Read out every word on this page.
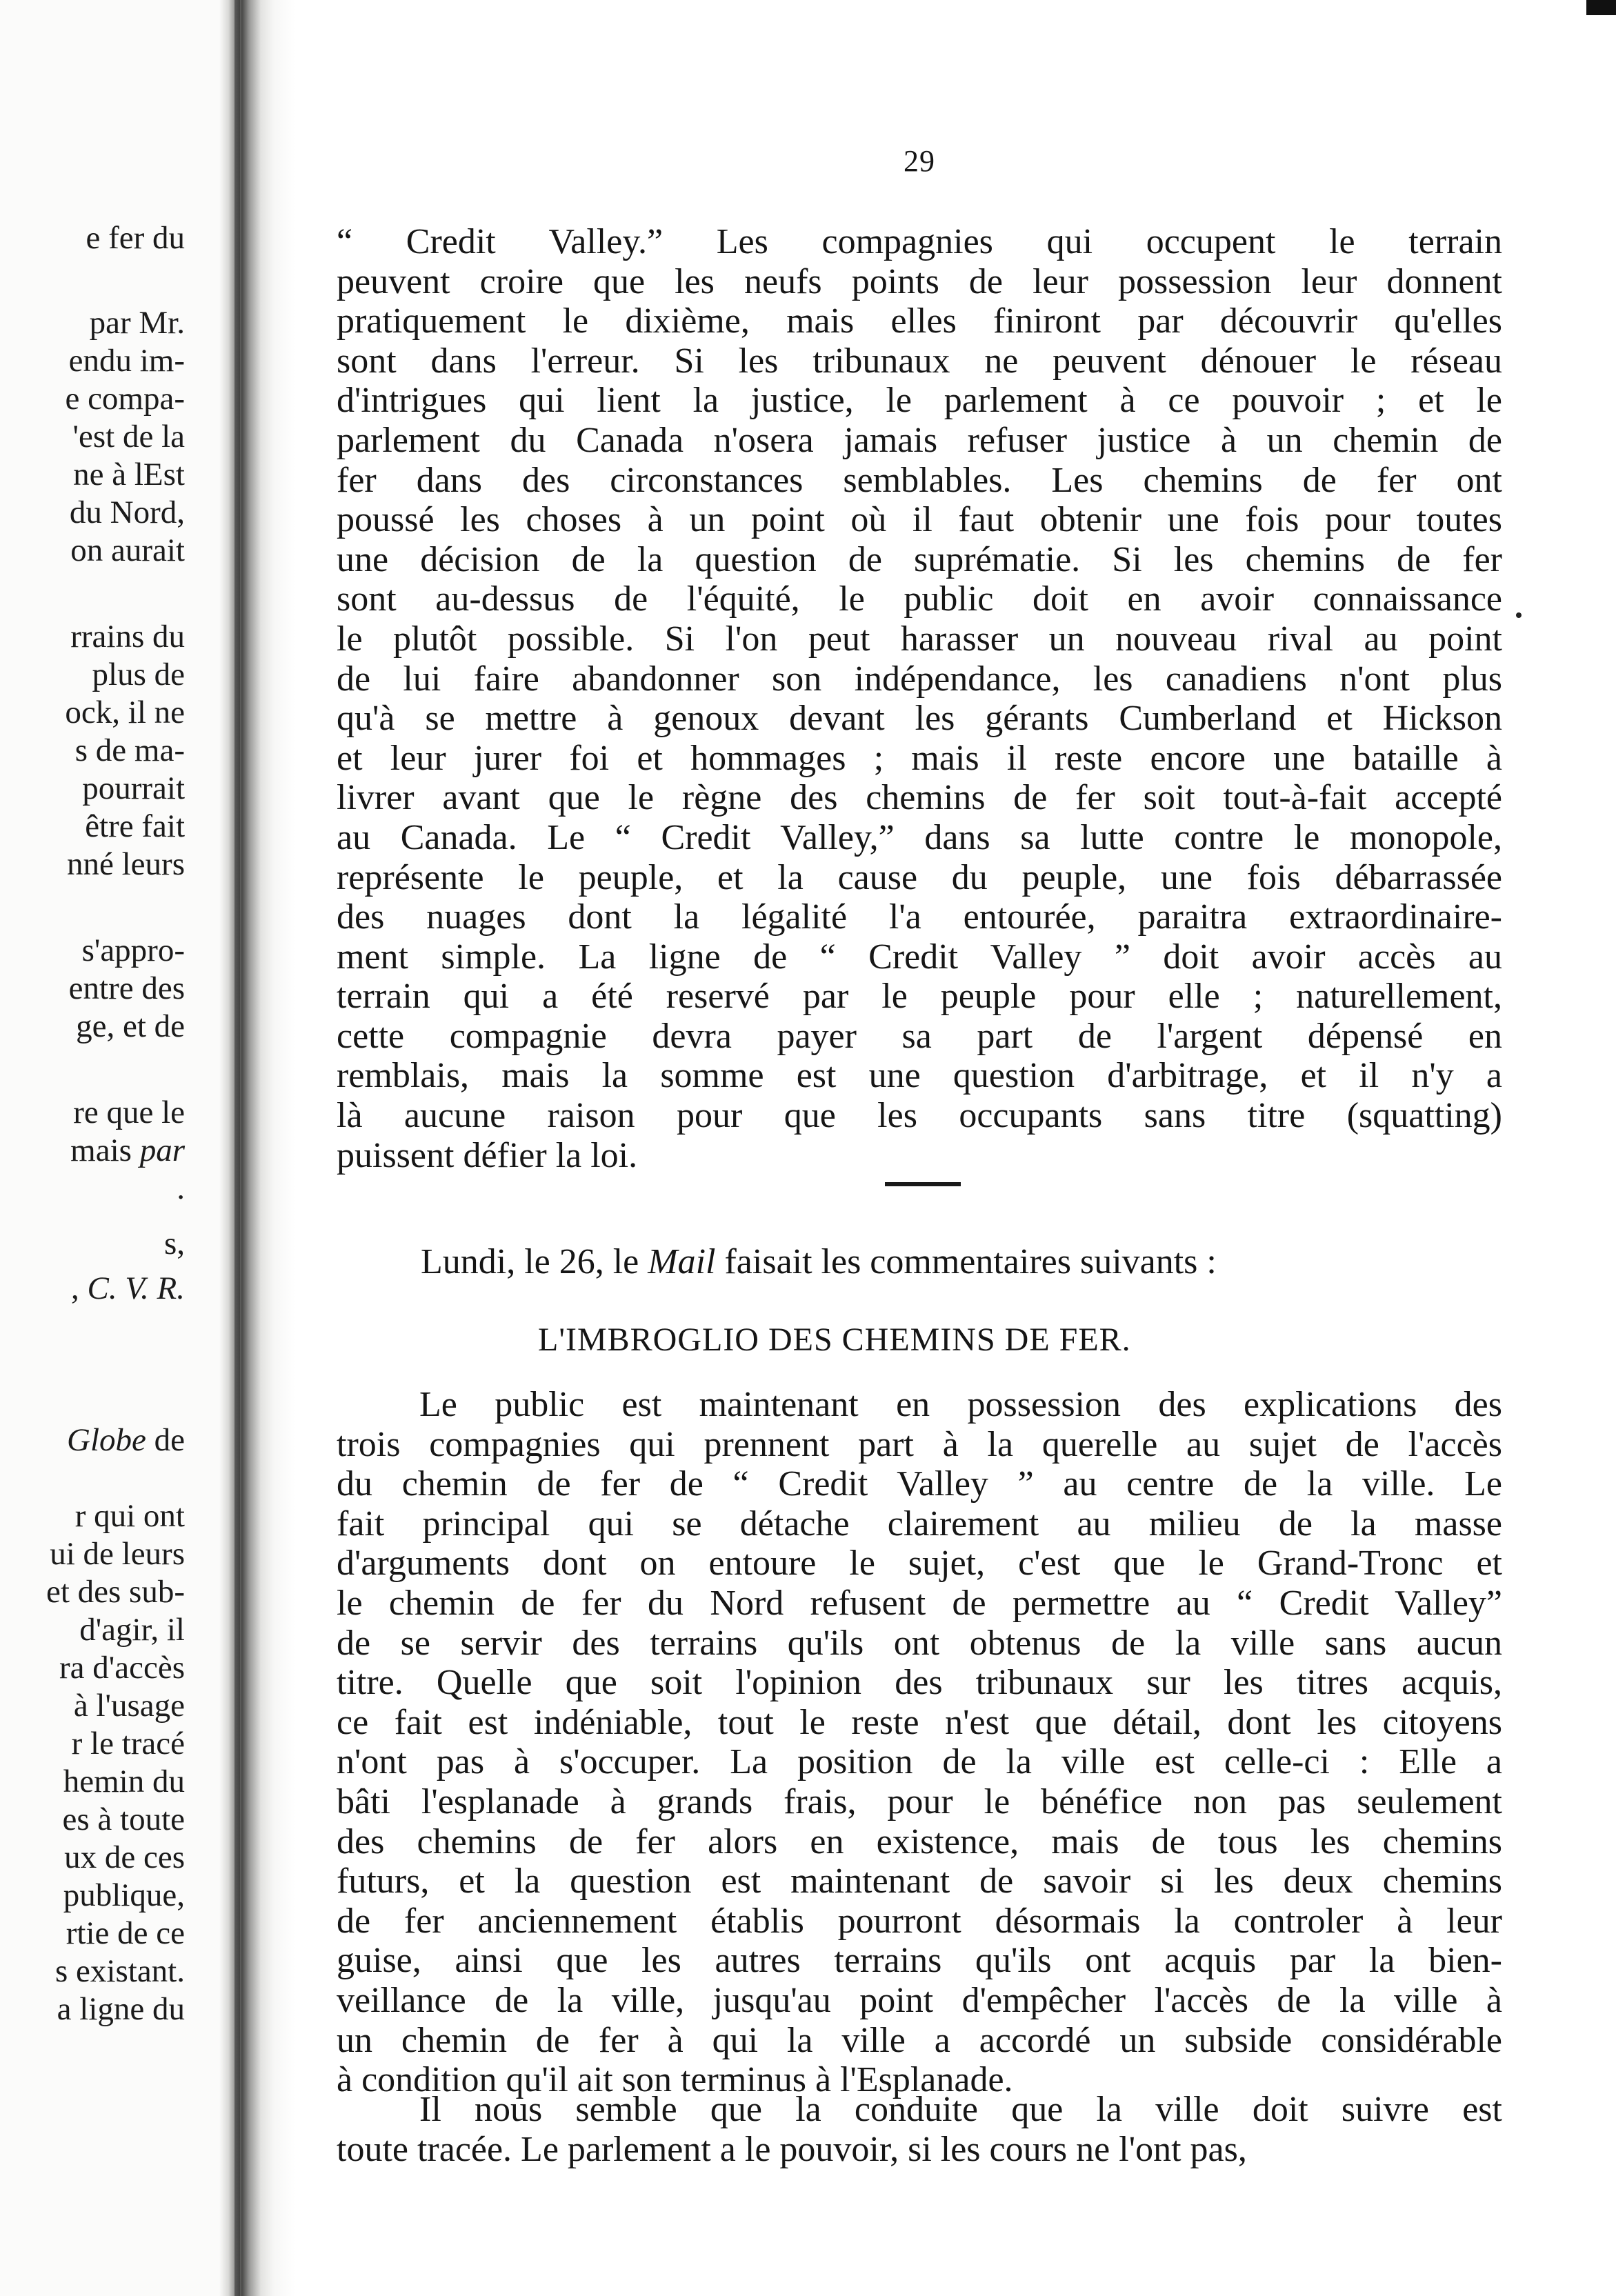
e fer du
par Mr.
endu im-
e compa-
'est de la
ne à lEst
du Nord,
on aurait
rrains du
plus de
ock, il ne
s de ma-
pourrait
être fait
nné leurs
s'appro-
entre des
ge, et de
re que le
mais par
.
s,
, C. V. R.
Globe de
r qui ont
ui de leurs
et des sub-
d'agir, il
ra d'accès
à l'usage
r le tracé
hemin du
es à toute
ux de ces
publique,
rtie de ce
s existant.
a ligne du
29
“ Credit Valley.” Les compagnies qui occupent le terrain
peuvent croire que les neufs points de leur possession leur donnent
pratiquement le dixième, mais elles finiront par découvrir qu'elles
sont dans l'erreur. Si les tribunaux ne peuvent dénouer le réseau
d'intrigues qui lient la justice, le parlement à ce pouvoir ; et le
parlement du Canada n'osera jamais refuser justice à un chemin de
fer dans des circonstances semblables. Les chemins de fer ont
poussé les choses à un point où il faut obtenir une fois pour toutes
une décision de la question de suprématie. Si les chemins de fer
sont au-dessus de l'équité, le public doit en avoir connaissance
le plutôt possible. Si l'on peut harasser un nouveau rival au point
de lui faire abandonner son indépendance, les canadiens n'ont plus
qu'à se mettre à genoux devant les gérants Cumberland et Hickson
et leur jurer foi et hommages ; mais il reste encore une bataille à
livrer avant que le règne des chemins de fer soit tout-à-fait accepté
au Canada. Le “ Credit Valley,” dans sa lutte contre le monopole,
représente le peuple, et la cause du peuple, une fois débarrassée
des nuages dont la légalité l'a entourée, paraitra extraordinaire-
ment simple. La ligne de “ Credit Valley ” doit avoir accès au
terrain qui a été reservé par le peuple pour elle ; naturellement,
cette compagnie devra payer sa part de l'argent dépensé en
remblais, mais la somme est une question d'arbitrage, et il n'y a
là aucune raison pour que les occupants sans titre (squatting)
puissent défier la loi.
Lundi, le 26, le Mail faisait les commentaires suivants :
L'IMBROGLIO DES CHEMINS DE FER.
Le public est maintenant en possession des explications des
trois compagnies qui prennent part à la querelle au sujet de l'accès
du chemin de fer de “ Credit Valley ” au centre de la ville. Le
fait principal qui se détache clairement au milieu de la masse
d'arguments dont on entoure le sujet, c'est que le Grand-Tronc et
le chemin de fer du Nord refusent de permettre au “ Credit Valley”
de se servir des terrains qu'ils ont obtenus de la ville sans aucun
titre. Quelle que soit l'opinion des tribunaux sur les titres acquis,
ce fait est indéniable, tout le reste n'est que détail, dont les citoyens
n'ont pas à s'occuper. La position de la ville est celle-ci : Elle a
bâti l'esplanade à grands frais, pour le bénéfice non pas seulement
des chemins de fer alors en existence, mais de tous les chemins
futurs, et la question est maintenant de savoir si les deux chemins
de fer anciennement établis pourront désormais la controler à leur
guise, ainsi que les autres terrains qu'ils ont acquis par la bien-
veillance de la ville, jusqu'au point d'empêcher l'accès de la ville à
un chemin de fer à qui la ville a accordé un subside considérable
à condition qu'il ait son terminus à l'Esplanade.
Il nous semble que la conduite que la ville doit suivre est
toute tracée. Le parlement a le pouvoir, si les cours ne l'ont pas,
